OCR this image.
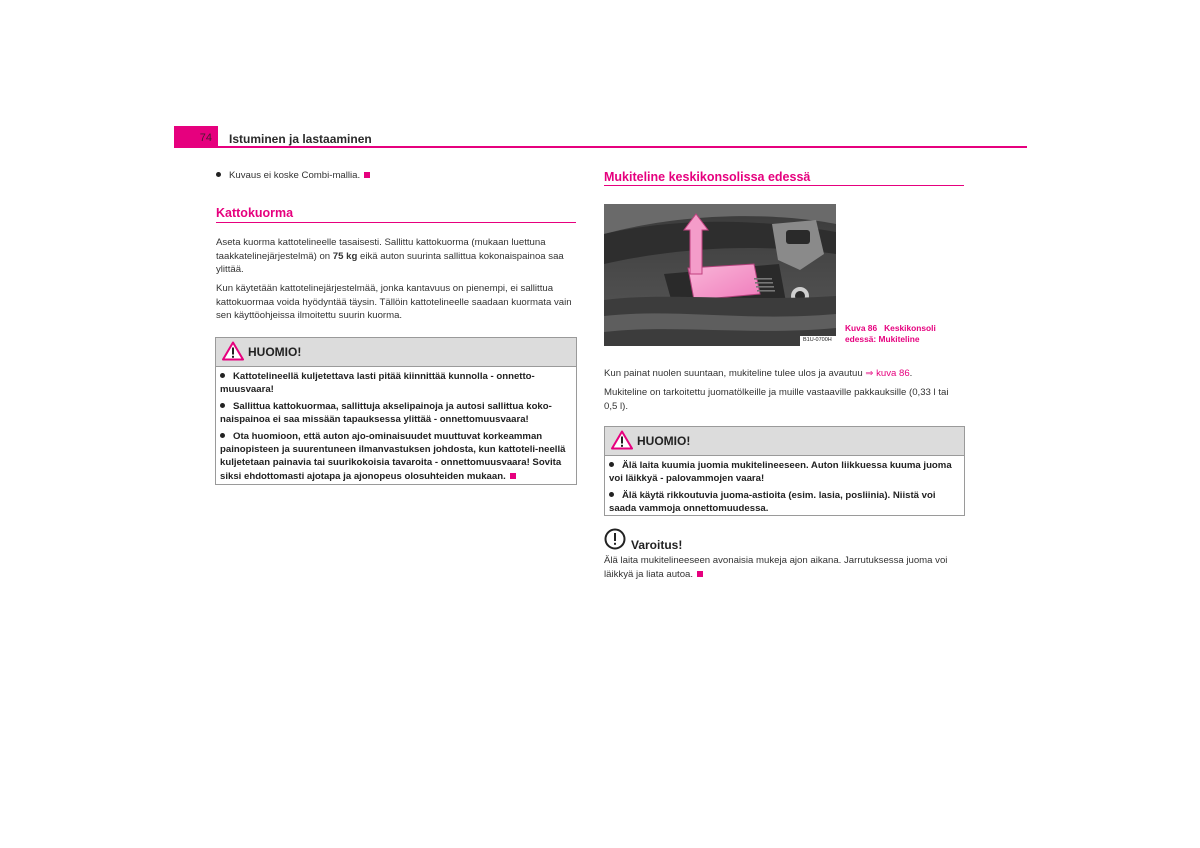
74 Istuminen ja lastaaminen
Kuvaus ei koske Combi-mallia.
Kattokuorma
Aseta kuorma kattotelineelle tasaisesti. Sallittu kattokuorma (mukaan luettuna taakkatelinejärjestelmä) on 75 kg eikä auton suurinta sallittua kokonaispainoa saa ylittää.
Kun käytetään kattotelinejärjestelmää, jonka kantavuus on pienempi, ei sallittua kattokuormaa voida hyödyntää täysin. Tällöin kattotelineelle saadaan kuormata vain sen käyttöohjeissa ilmoitettu suurin kuorma.
HUOMIO!
Kattotelineellä kuljetettava lasti pitää kiinnittää kunnolla - onnetto-muusvaara!
Sallittua kattokuormaa, sallittuja akselipainoja ja autosi sallittua koko-naispainoa ei saa missään tapauksessa ylittää - onnettomuusvaara!
Ota huomioon, että auton ajo-ominaisuudet muuttuvat korkeamman painopisteen ja suurentuneen ilmanvastuksen johdosta, kun kattoteli-neellä kuljetetaan painavia tai suurikokoisia tavaroita - onnettomuusvaara! Sovita siksi ehdottomasti ajotapa ja ajonopeus olosuhteiden mukaan.
Mukiteline keskikonsolissa edessä
B1U-0700H
Kuva 86 Keskikonsoli edessä: Mukiteline
Kun painat nuolen suuntaan, mukiteline tulee ulos ja avautuu ⇒ kuva 86.
Mukiteline on tarkoitettu juomatölkeille ja muille vastaaville pakkauksille (0,33 l tai 0,5 l).
HUOMIO!
Älä laita kuumia juomia mukitelineeseen. Auton liikkuessa kuuma juoma voi läikkyä - palovammojen vaara!
Älä käytä rikkoutuvia juoma-astioita (esim. lasia, posliinia). Niistä voi saada vammoja onnettomuudessa.
Varoitus!
Älä laita mukitelineeseen avonaisia mukeja ajon aikana. Jarrutuksessa juoma voi läikkyä ja liata autoa.
